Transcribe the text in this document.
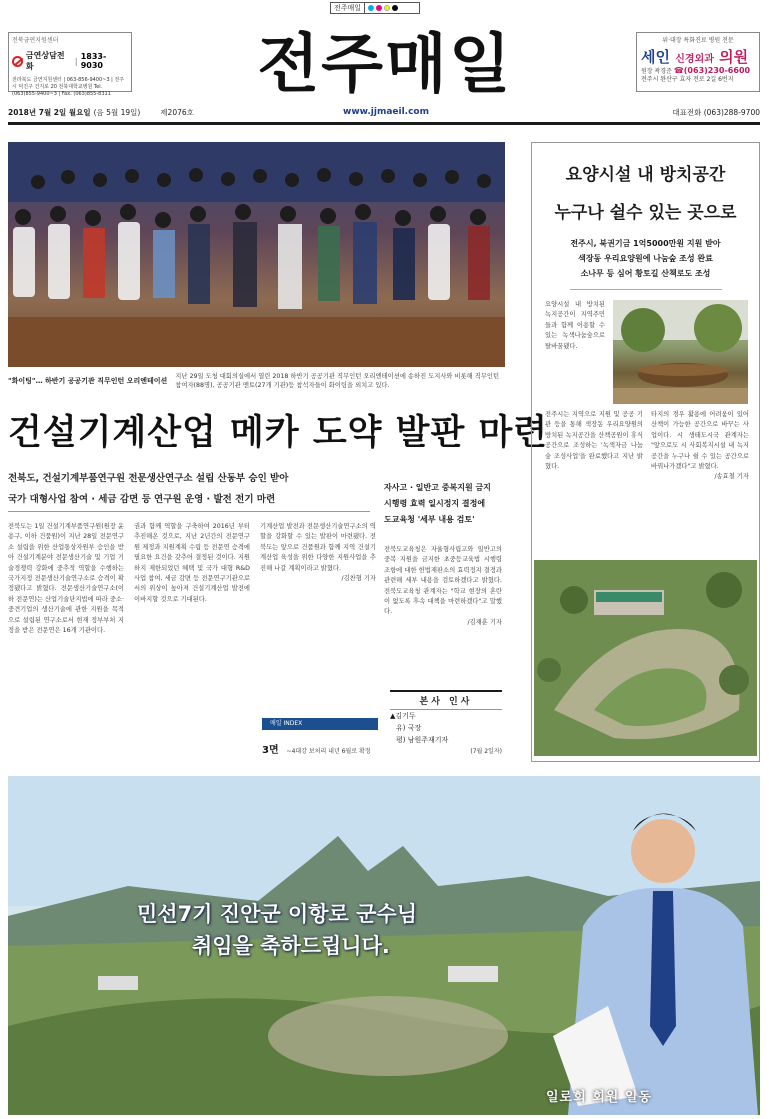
전주매일
전북금연지원센터
금연상담전화
| 1833-9030
전라북도 금연지원센터 | 063-856-9400~3 | 전주시 덕진구 건지로 20 전북대학교병원 Tel. (063)855-9400~3 | Fax. (063)855-8311 전주매일	위·대장 특화진료 병원 전문
세인 신경외과 의원
원장 곽경준 ☎(063)230-6600
전주시 완산구 효자 전로 2길 6번지
2018년 7월 2일 월요일 (음 5월 19일)	제2076호	www.jjmaeil.com	대표전화 (063)288-9700
"화이팅"… 하반기 공공기관 직무인턴 오리엔테이션
지난 29일 도청 대회의실에서 열린 2018 하반기 공공기관 직무인턴 오리엔테이션에 송하진 도지사와 비롯해 직무인턴 참여자(88명), 공공기관 멘토(27개 기관)등 참석자들이 화이팅을 외치고 있다.
건설기계산업 메카 도약 발판 마련
전북도, 건설기계부품연구원 전문생산연구소 설립 산동부 승인 받아
국가 대형사업 참여 · 세금 감면 등 연구원 운영 · 발전 전기 마련
전북도는 1일 건설기계부품연구원(원장 윤용구, 이하 건품원)이 지난 28일 전문연구소 설립을 위한 산업통상자원부 승인을 받아 건설기계분야 전문생산기술 및 기업 기술경쟁력 강화에 중추적 역할을 수행하는 국가지정 전문생산기술연구소로 승격이 확정됐다고 밝혔다. 전문생산기술연구소(이하 전문연)는 산업기술단지법에 따라 중소·중견기업의 생산기술에 관한 지원을 목적으로 설립된 연구소로서 현재 정부부처 지정을 받은 전문연은 16개 기관이다.
권과 함께 역할을 구축하여 2016년 부터 추진해온 것으로, 지난 2년간의 전문연구원 제정과 지원계획 수립 등 전문연 승격에 필요한 요건을 갖추어 결정된 것이다. 지원하지 제한되었던 혜택 및 국가 대형 R&D사업 참여, 세금 감면 등 전문연구기관으로서의 위상이 높아져 건설기계산업 발전에 이바지할 것으로 기대된다.
기계산업 발전과 전문생산기술연구소의 역할을 강화할 수 있는 발판이 마련됐다. 전북도는 앞으로 건품원과 함께 지역 건설기계산업 육성을 위한 다양한 지원사업을 추진해 나갈 계획이라고 밝혔다.
/김찬형 기자
자사고 · 일반고 중복지원 금지
시행령 효력 일시정지 결정에
도교육청 '세부 내용 검토'
전북도교육청은 자율형사립고와 일반고의 중복 지원을 금지한 초중등교육법 시행령 조항에 대한 헌법재판소의 효력정지 결정과 관련해 세부 내용을 검토하겠다고 밝혔다. 전북도교육청 관계자는 "학교 현장의 혼란이 없도록 후속 대책을 마련하겠다"고 말했다.
/김재훈 기자
본사 인사
▲김기두
유) 국장
평) 남원주재기자
(7월 2일자)
매일 INDEX
3면 ~4대강 보처리 내년 6월로 확정
요양시설 내 방치공간
누구나 쉴수 있는 곳으로
전주시, 북권기금 1억5000만원 지원 받아
색장동 우리요양원에 나눔숲 조성 완료
소나무 등 심어 황토길 산책로도 조성
요양시설 내 방치된 녹지공간이 지역주민들과 함께 이용할 수 있는 녹색나눔숲으로 탈바꿈됐다.
전주시는 지역으로 지원 및 공공 기관 등을 통해 색장동 우리요양원의 방치된 녹지공간을 산책공원이 휴식공간으로 조성하는 '녹색자금 나눔숲 조성사업'을 완료했다고 지난 밝혔다.
타지의 경우 활용에 어려움이 있어 산책이 가능한 공간으로 바꾸는 사업이다. 시 생태도시국 관계자는 "앞으로도 시 사회복지시설 내 녹지공간을 누구나 쉴 수 있는 공간으로 바꿔나가겠다"고 밝혔다.
/송효철 기자
민선7기 진안군 이항로 군수님
취임을 축하드립니다.
일로회 회원 일동
